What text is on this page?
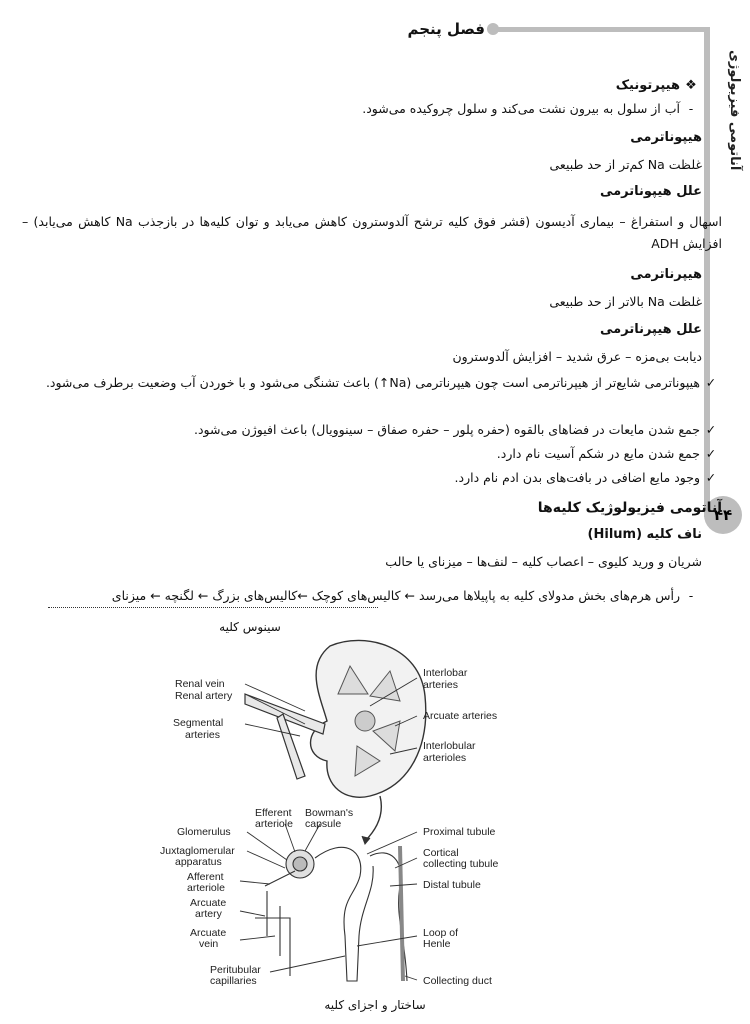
فصل پنجم
آناتومی فیزیولوژی
۴۴
❖هیپرتونیک
-آب از سلول به بیرون نشت می‌کند و سلول چروکیده می‌شود.
هیپوناترمی
غلظت Na کم‌تر از حد طبیعی
علل هیپوناترمی
اسهال و استفراغ – بیماری آدیسون (قشر فوق کلیه ترشح آلدوسترون کاهش می‌یابد و توان کلیه‌ها در بازجذب Na کاهش می‌یابد) – افزایش ADH
هیپرناترمی
غلظت Na بالاتر از حد طبیعی
علل هیپرناترمی
دیابت بی‌مزه – عرق شدید – افزایش آلدوسترون
✓هیپوناترمی شایع‌تر از هیپرناترمی است چون هیپرناترمی (Na↑) باعث تشنگی می‌شود و با خوردن آب وضعیت برطرف می‌شود.
✓جمع شدن مایعات در فضاهای بالقوه (حفره پلور – حفره صفاق – سینوویال) باعث افیوژن می‌شود.
✓جمع شدن مایع در شکم آسیت نام دارد.
✓وجود مایع اضافی در بافت‌های بدن ادم نام دارد.
آناتومی فیزیولوژیک کلیه‌ها
ناف کلیه (Hilum)
شریان و ورید کلیوی – اعصاب کلیه – لنف‌ها – میزنای یا حالب
-رأس هرم‌های بخش مدولای کلیه به پاپیلاها می‌رسد ← کالیس‌های کوچک ←کالیس‌های بزرگ ← لگنچه ← میزنای
سینوس کلیه
Renal vein
Renal artery
Segmental
arteries
Interlobar
arteries
Arcuate arteries
Interlobular
arterioles
Efferent
arteriole
Bowman's
capsule
Glomerulus
Juxtaglomerular
apparatus
Afferent
arteriole
Arcuate
artery
Arcuate
vein
Peritubular
capillaries
Proximal tubule
Cortical
collecting tubule
Distal tubule
Loop of
Henle
Collecting duct
ساختار و اجزای کلیه
